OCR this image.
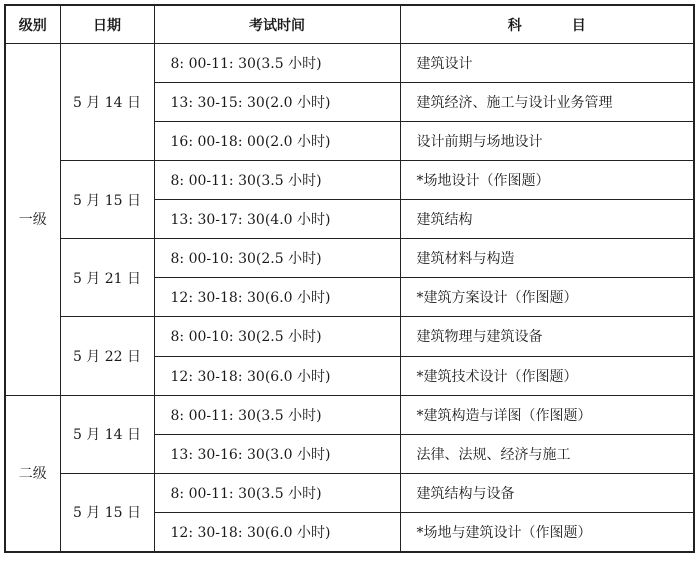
级别	日期	考试时间	科　目
一级	5 月 14 日	8: 00-11: 30(3.5 小时)	建筑设计
		13: 30-15: 30(2.0 小时)	建筑经济、施工与设计业务管理
		16: 00-18: 00(2.0 小时)	设计前期与场地设计
	5 月 15 日	8: 00-11: 30(3.5 小时)	*场地设计（作图题）
		13: 30-17: 30(4.0 小时)	建筑结构
	5 月 21 日	8: 00-10: 30(2.5 小时)	建筑材料与构造
		12: 30-18: 30(6.0 小时)	*建筑方案设计（作图题）
	5 月 22 日	8: 00-10: 30(2.5 小时)	建筑物理与建筑设备
		12: 30-18: 30(6.0 小时)	*建筑技术设计（作图题）
二级	5 月 14 日	8: 00-11: 30(3.5 小时)	*建筑构造与详图（作图题）
		13: 30-16: 30(3.0 小时)	法律、法规、经济与施工
	5 月 15 日	8: 00-11: 30(3.5 小时)	建筑结构与设备
		12: 30-18: 30(6.0 小时)	*场地与建筑设计（作图题）
